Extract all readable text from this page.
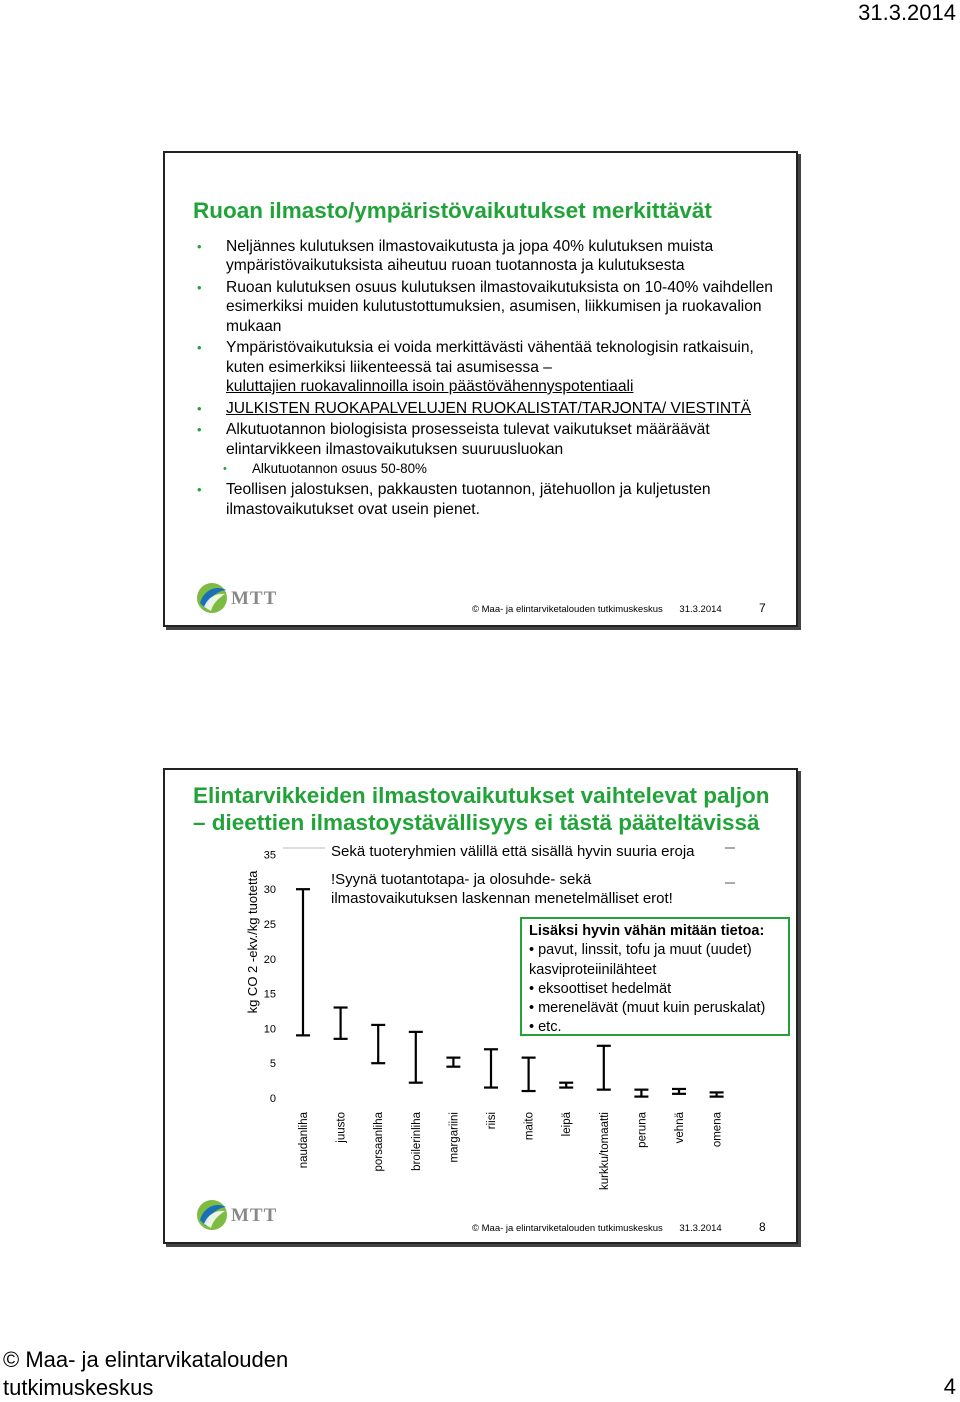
31.3.2014
Ruoan ilmasto/ympäristövaikutukset merkittävät
• Neljännes kulutuksen ilmastovaikutusta ja jopa 40% kulutuksen muista ympäristövaikutuksista aiheutuu ruoan tuotannosta ja kulutuksesta
• Ruoan kulutuksen osuus kulutuksen ilmastovaikutuksista on 10-40% vaihdellen esimerkiksi muiden kulutustottumuksien, asumisen, liikkumisen ja ruokavalion mukaan
• Ympäristövaikutuksia ei voida merkittävästi vähentää teknologisin ratkaisuin, kuten esimerkiksi liikenteessä tai asumisessa –
kuluttajien ruokavalinnoilla isoin päästövähennyspotentiaali
• JULKISTEN RUOKAPALVELUJEN RUOKALISTAT/TARJONTA/ VIESTINTÄ
• Alkutuotannon biologisista prosesseista tulevat vaikutukset määräävät elintarvikkeen ilmastovaikutuksen suuruusluokan
• Alkutuotannon osuus 50-80%
• Teollisen jalostuksen, pakkausten tuotannon, jätehuollon ja kuljetusten ilmastovaikutukset ovat usein pienet.
MTT
© Maa- ja elintarviketalouden tutkimuskeskus 31.3.2014	7
Elintarvikkeiden ilmastovaikutukset vaihtelevat paljon
– dieettien ilmastoystävällisyys ei tästä pääteltävissä
0
5
10
15
20
25
30
35
naudanliha juusto porsaanliha broilerinliha margariini riisi maito leipä kurkku/tomaatti peruna vehnä omena
kg CO 2 -ekv./kg tuotetta
Sekä tuoteryhmien välillä että sisällä hyvin suuria eroja
!Syynä tuotantotapa- ja olosuhde- sekä
ilmastovaikutuksen laskennan menetelmälliset erot!
Lisäksi hyvin vähän mitään tietoa:
• pavut, linssit, tofu ja muut (uudet)
kasviproteiinilähteet
• eksoottiset hedelmät
• merenelävät (muut kuin peruskalat)
• etc.
MTT
© Maa- ja elintarviketalouden tutkimuskeskus 31.3.2014	8
© Maa- ja elintarvikatalouden
tutkimuskeskus	4
